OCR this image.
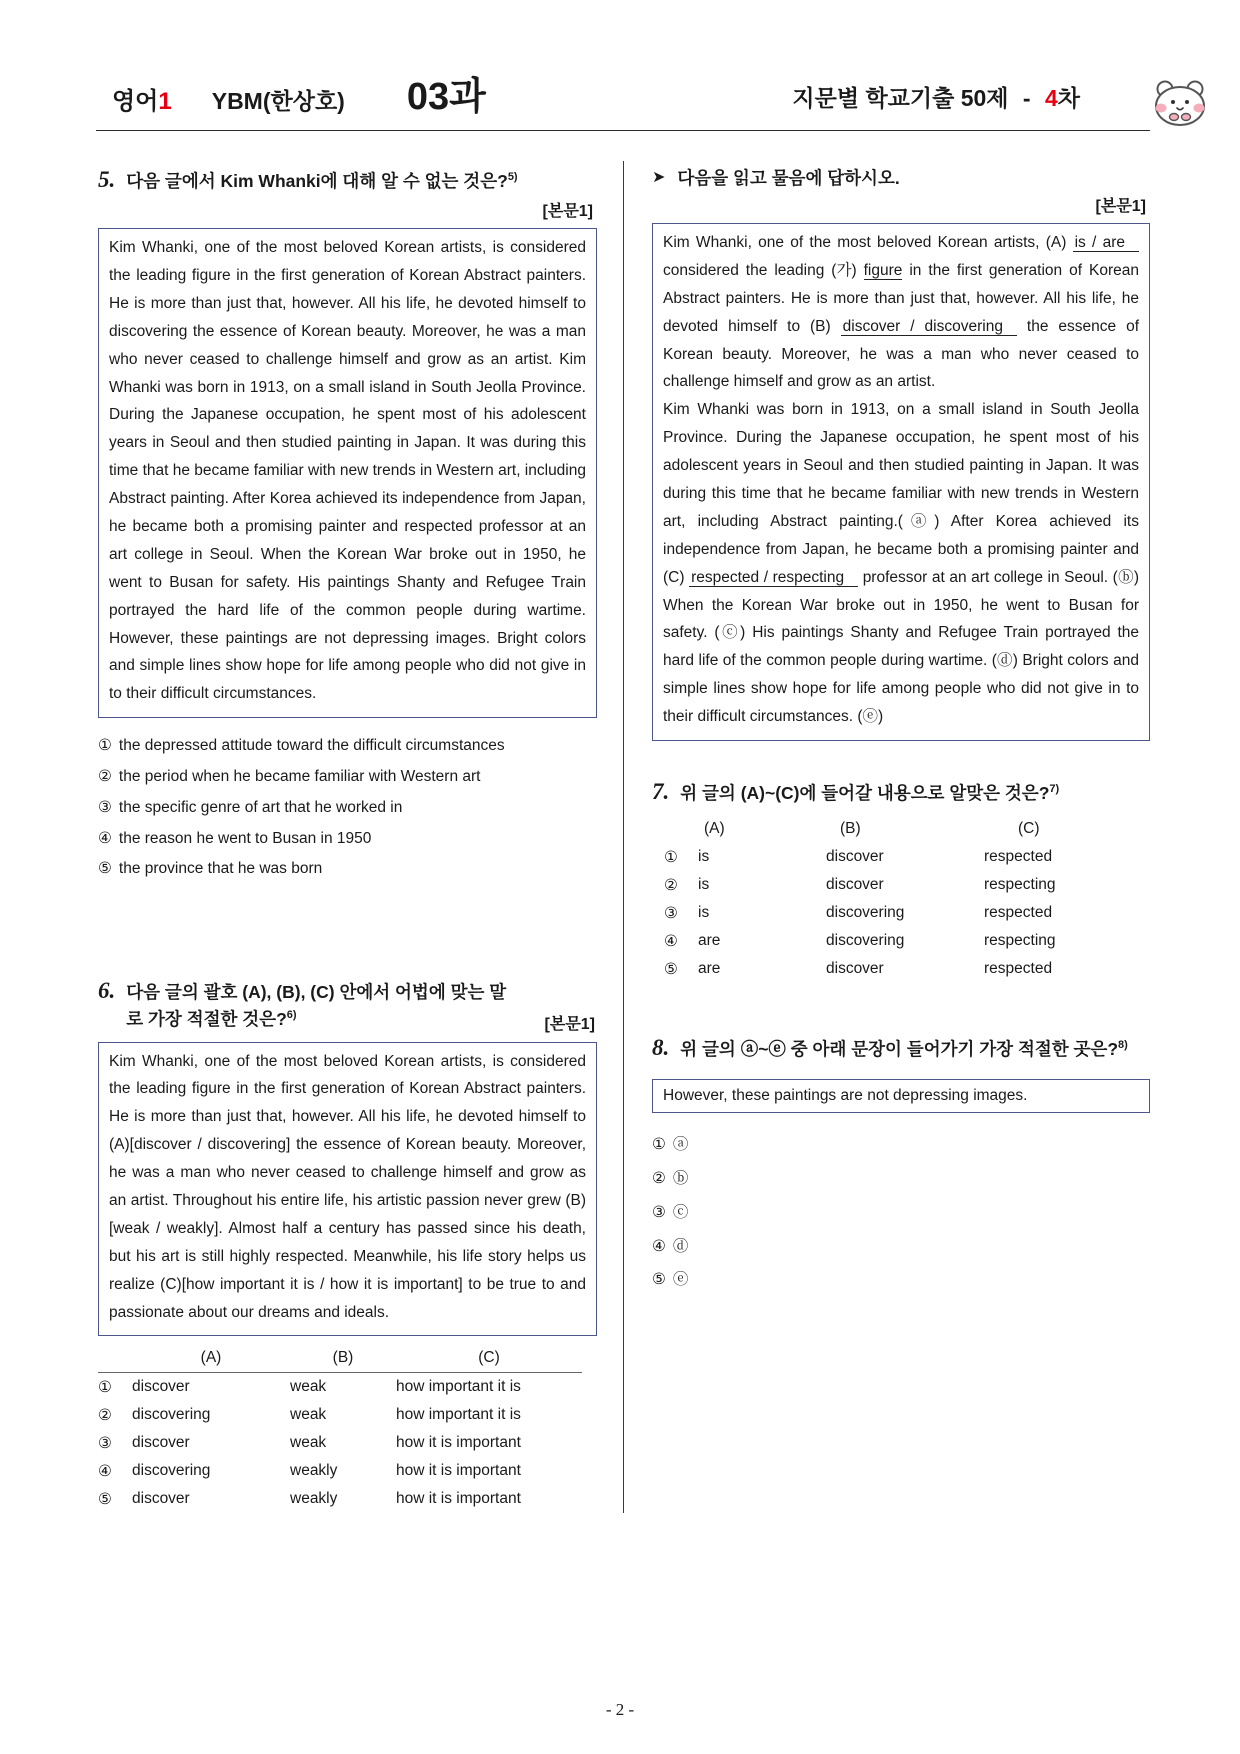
영어1 YBM(한상호) 03과	지문별 학교기출 50제 - 4차
5. 다음 글에서 Kim Whanki에 대해 알 수 없는 것은?$^{5)}$
[본문1]

Kim Whanki, one of the most beloved Korean artists, is considered the leading figure in the first generation of Korean Abstract painters. He is more than just that, however. All his life, he devoted himself to discovering the essence of Korean beauty. Moreover, he was a man who never ceased to challenge himself and grow as an artist. Kim Whanki was born in 1913, on a small island in South Jeolla Province. During the Japanese occupation, he spent most of his adolescent years in Seoul and then studied painting in Japan. It was during this time that he became familiar with new trends in Western art, including Abstract painting. After Korea achieved its independence from Japan, he became both a promising painter and respected professor at an art college in Seoul. When the Korean War broke out in 1950, he went to Busan for safety. His paintings Shanty and Refugee Train portrayed the hard life of the common people during wartime. However, these paintings are not depressing images. Bright colors and simple lines show hope for life among people who did not give in to their difficult circumstances.

① the depressed attitude toward the difficult circumstances
② the period when he became familiar with Western art
③ the specific genre of art that he worked in
④ the reason he went to Busan in 1950
⑤ the province that he was born
6. 다음 글의 괄호 (A), (B), (C) 안에서 어법에 맞는 말로 가장 적절한 것은?$^{6)}$	[본문1]

Kim Whanki, one of the most beloved Korean artists, is considered the leading figure in the first generation of Korean Abstract painters. He is more than just that, however. All his life, he devoted himself to (A)[discover / discovering] the essence of Korean beauty. Moreover, he was a man who never ceased to challenge himself and grow as an artist. Throughout his entire life, his artistic passion never grew (B)[weak / weakly]. Almost half a century has passed since his death, but his art is still highly respected. Meanwhile, his life story helps us realize (C)[how important it is / how it is important] to be true to and passionate about our dreams and ideals.

	(A)	(B)	(C)
①	discover	weak	how important it is
②	discovering	weak	how important it is
③	discover	weak	how it is important
④	discovering	weakly	how it is important
⑤	discover	weakly	how it is important
➤ 다음을 읽고 물음에 답하시오.
[본문1]

Kim Whanki, one of the most beloved Korean artists, (A) is / are considered the leading (가) figure in the first generation of Korean Abstract painters. He is more than just that, however. All his life, he devoted himself to (B) discover / discovering the essence of Korean beauty. Moreover, he was a man who never ceased to challenge himself and grow as an artist.

Kim Whanki was born in 1913, on a small island in South Jeolla Province. During the Japanese occupation, he spent most of his adolescent years in Seoul and then studied painting in Japan. It was during this time that he became familiar with new trends in Western art, including Abstract painting.(ⓐ) After Korea achieved its independence from Japan, he became both a promising painter and (C) respected / respecting professor at an art college in Seoul. (ⓑ) When the Korean War broke out in 1950, he went to Busan for safety. (ⓒ) His paintings Shanty and Refugee Train portrayed the hard life of the common people during wartime. (ⓓ) Bright colors and simple lines show hope for life among people who did not give in to their difficult circumstances. (ⓔ)

7. 위 글의 (A)~(C)에 들어갈 내용으로 알맞은 것은?$^{7)}$
	(A)	(B)	(C)
①	is	discover	respected
②	is	discover	respecting
③	is	discovering	respected
④	are	discovering	respecting
⑤	are	discover	respected
8. 위 글의 ⓐ~ⓔ 중 아래 문장이 들어가기 가장 적절한 곳은?$^{8)}$
However, these paintings are not depressing images.
① ⓐ
② ⓑ
③ ⓒ
④ ⓓ
⑤ ⓔ
- 2 -
